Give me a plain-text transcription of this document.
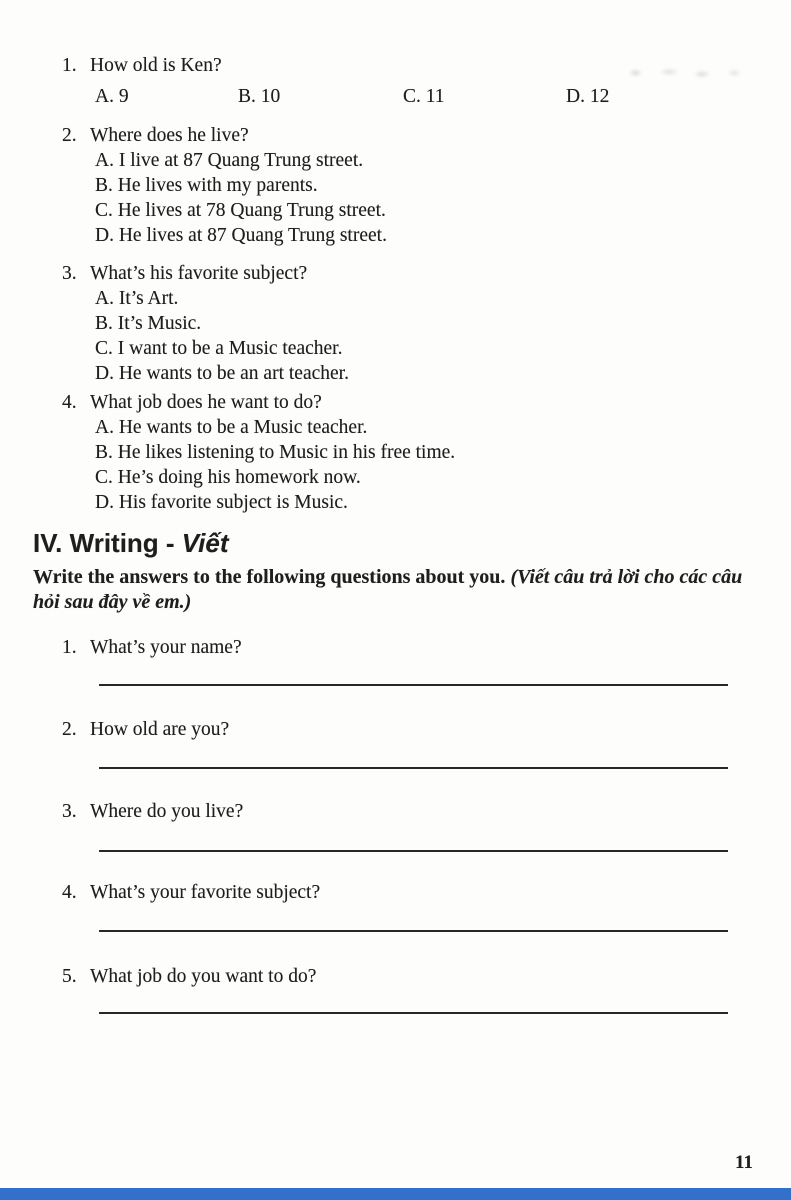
1. How old is Ken?
A. 9	B. 10	C. 11	D. 12
2. Where does he live?
A. I live at 87 Quang Trung street.
B. He lives with my parents.
C. He lives at 78 Quang Trung street.
D. He lives at 87 Quang Trung street.
3. What’s his favorite subject?
A. It’s Art.
B. It’s Music.
C. I want to be a Music teacher.
D. He wants to be an art teacher.
4. What job does he want to do?
A. He wants to be a Music teacher.
B. He likes listening to Music in his free time.
C. He’s doing his homework now.
D. His favorite subject is Music.
IV. Writing - Viết

Write the answers to the following questions about you. (Viết câu trả lời cho các câu hỏi sau đây về em.)

1. What’s your name?
2. How old are you?
3. Where do you live?
4. What’s your favorite subject?
5. What job do you want to do?
11
